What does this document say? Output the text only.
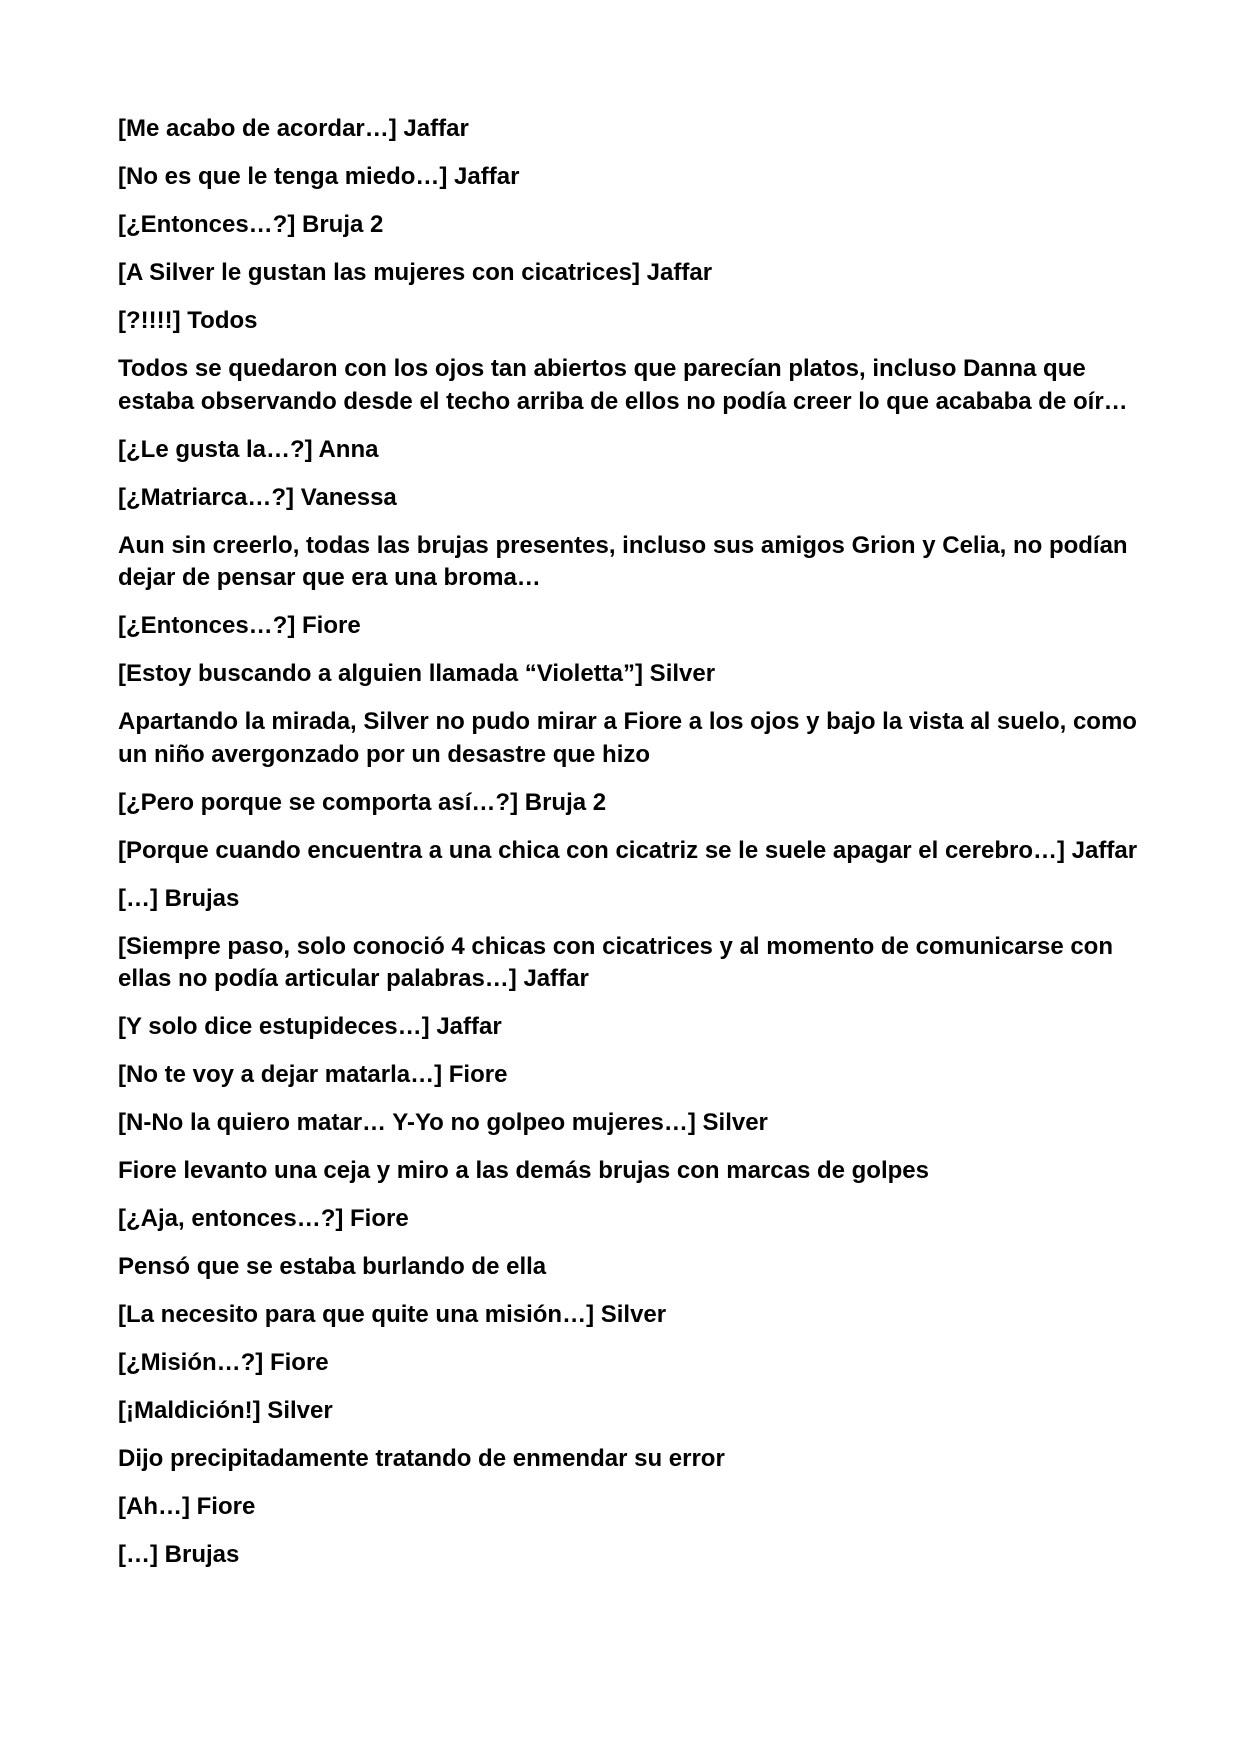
[Me acabo de acordar…] Jaffar

[No es que le tenga miedo…] Jaffar

[¿Entonces…?] Bruja 2

[A Silver le gustan las mujeres con cicatrices] Jaffar

[?!!!!] Todos

Todos se quedaron con los ojos tan abiertos que parecían platos, incluso Danna que estaba observando desde el techo arriba de ellos no podía creer lo que acababa de oír…

[¿Le gusta la…?] Anna

[¿Matriarca…?] Vanessa

Aun sin creerlo, todas las brujas presentes, incluso sus amigos Grion y Celia, no podían dejar de pensar que era una broma…

[¿Entonces…?] Fiore

[Estoy buscando a alguien llamada “Violetta”] Silver

Apartando la mirada, Silver no pudo mirar a Fiore a los ojos y bajo la vista al suelo, como un niño avergonzado por un desastre que hizo

[¿Pero porque se comporta así…?] Bruja 2

[Porque cuando encuentra a una chica con cicatriz se le suele apagar el cerebro…] Jaffar

[…] Brujas

[Siempre paso, solo conoció 4 chicas con cicatrices y al momento de comunicarse con ellas no podía articular palabras…] Jaffar

[Y solo dice estupideces…] Jaffar

[No te voy a dejar matarla…] Fiore

[N-No la quiero matar… Y-Yo no golpeo mujeres…] Silver

Fiore levanto una ceja y miro a las demás brujas con marcas de golpes

[¿Aja, entonces…?] Fiore

Pensó que se estaba burlando de ella

[La necesito para que quite una misión…] Silver

[¿Misión…?] Fiore

[¡Maldición!] Silver

Dijo precipitadamente tratando de enmendar su error

[Ah…] Fiore

[…] Brujas
